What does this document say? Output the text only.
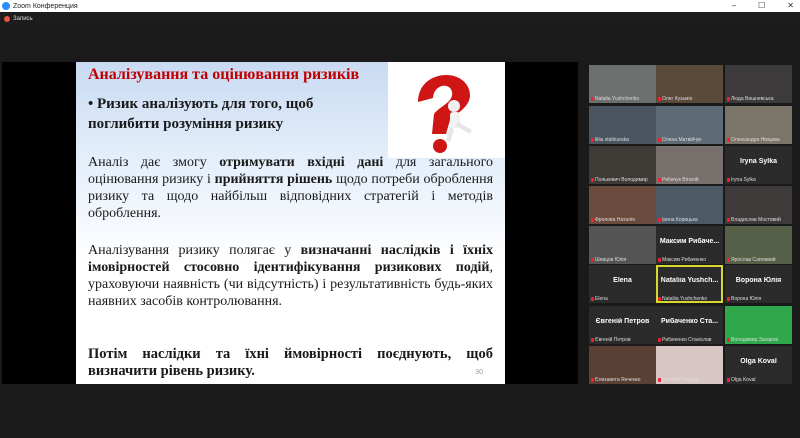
Zoom Конференция	–	☐	✕
Запись
Аналізування та оцінювання ризиків
• Ризик аналізують для того, щоб поглибити розуміння ризику
Аналіз дає змогу отримувати вхідні дані для загального оцінювання ризику і прийняття рішень щодо потреби оброблення ризику та щодо найбільш відповідних стратегій і методів оброблення.
Аналізування ризику полягає у визначанні наслідків і їхніх імовірностей стосовно ідентифікування ризикових подій, ураховуючи наявність (чи відсутність) і результативність будь-яких наявних засобів контролювання.
Потім наслідки та їхні ймовірності поєднують, щоб визначити рівень ризику.	30
Natalia Yushchenko	Олег Кузьмін	Люда Вишневська
liliia stahkurska	Олена Матвійчук	Олександра Німцова
Полькевич Володимир	Рибачук Віталій
Iryna Sylka
Iryna Sylka
Фролова Наталія	Ірина Корицька	Владислав Мостовий
Шевцов Юлія
Максим Рибаче...
Максим Рибаченко	Ярослав Сапливий
Elena
Elena
Nataliia Yushch...
Nataliia Yushchenko
Ворона Юлія
Ворона Юлія
Євгеній Петров
Євгеній Петров
Рибаченко Ста...
Рибаченко Станіслав	Володимир Захаров
Єлизавета Янченко	Наталія Бондар
Olga Koval
Olga Koval
